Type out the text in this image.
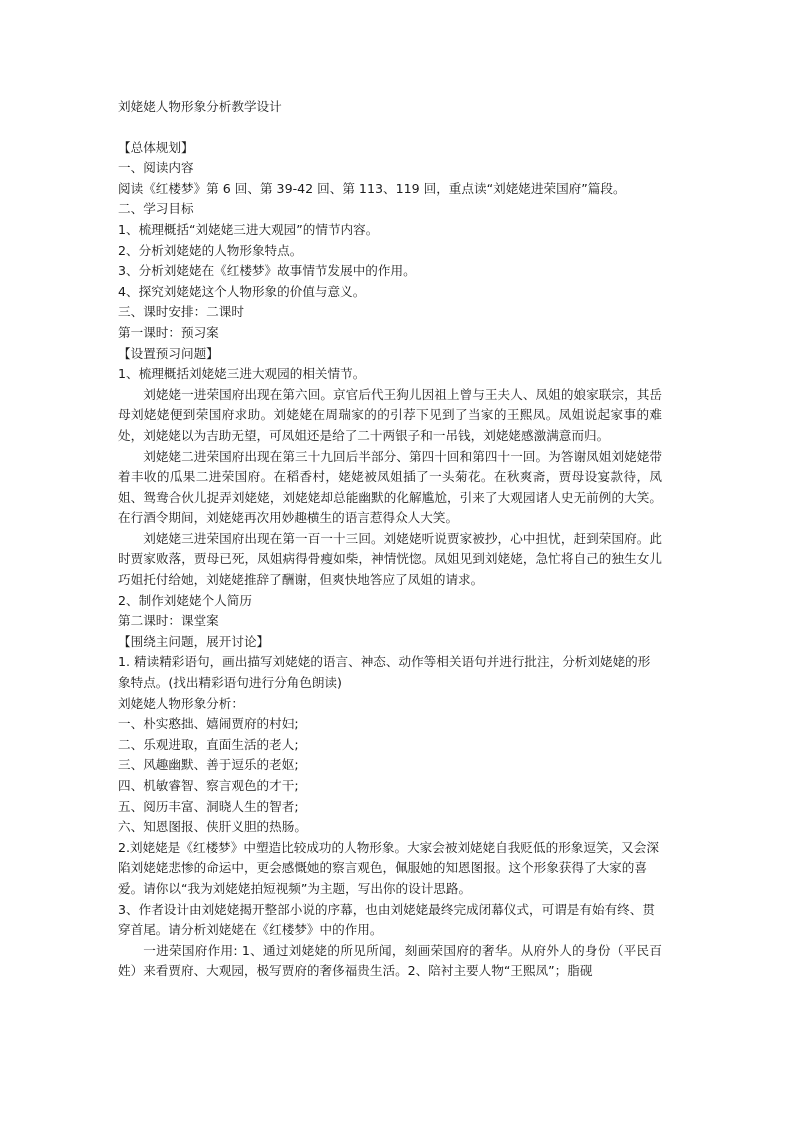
刘姥姥人物形象分析教学设计
【总体规划】
一、阅读内容
阅读《红楼梦》第 6 回、第 39-42 回、第 113、119 回，重点读“刘姥姥进荣国府”篇段。
二、学习目标
1、梳理概括“刘姥姥三进大观园”的情节内容。
2、分析刘姥姥的人物形象特点。
3、分析刘姥姥在《红楼梦》故事情节发展中的作用。
4、探究刘姥姥这个人物形象的价值与意义。
三、课时安排：二课时
第一课时：预习案
【设置预习问题】
1、梳理概括刘姥姥三进大观园的相关情节。
刘姥姥一进荣国府出现在第六回。京官后代王狗儿因祖上曾与王夫人、凤姐的娘家联宗，其岳母刘姥姥便到荣国府求助。刘姥姥在周瑞家的的引荐下见到了当家的王熙凤。凤姐说起家事的难处，刘姥姥以为吉助无望，可凤姐还是给了二十两银子和一吊钱，刘姥姥感激满意而归。
刘姥姥二进荣国府出现在第三十九回后半部分、第四十回和第四十一回。为答谢凤姐刘姥姥带着丰收的瓜果二进荣国府。在稻香村，姥姥被凤姐插了一头菊花。在秋爽斋，贾母设宴款待，凤姐、鸳鸯合伙儿捉弄刘姥姥，刘姥姥却总能幽默的化解尴尬，引来了大观园诸人史无前例的大笑。在行酒令期间，刘姥姥再次用妙趣横生的语言惹得众人大笑。
刘姥姥三进荣国府出现在第一百一十三回。刘姥姥听说贾家被抄，心中担忧，赶到荣国府。此时贾家败落，贾母已死，凤姐病得骨瘦如柴，神情恍惚。凤姐见到刘姥姥，急忙将自己的独生女儿巧姐托付给她，刘姥姥推辞了酬谢，但爽快地答应了凤姐的请求。
2、制作刘姥姥个人简历
第二课时：课堂案
【围绕主问题，展开讨论】
1. 精读精彩语句，画出描写刘姥姥的语言、神态、动作等相关语句并进行批注，分析刘姥姥的形象特点。(找出精彩语句进行分角色朗读)
刘姥姥人物形象分析：
一、朴实憨拙、嬉闹贾府的村妇;
二、乐观进取，直面生活的老人;
三、风趣幽默、善于逗乐的老妪;
四、机敏睿智、察言观色的才干;
五、阅历丰富、洞晓人生的智者;
六、知恩图报、侠肝义胆的热肠。
2.刘姥姥是《红楼梦》中塑造比较成功的人物形象。大家会被刘姥姥自我贬低的形象逗笑，又会深陷刘姥姥悲惨的命运中，更会感慨她的察言观色，佩服她的知恩图报。这个形象获得了大家的喜爱。请你以“我为刘姥姥拍短视频”为主题，写出你的设计思路。
3、作者设计由刘姥姥揭开整部小说的序幕，也由刘姥姥最终完成闭幕仪式，可谓是有始有终、贯穿首尾。请分析刘姥姥在《红楼梦》中的作用。
一进荣国府作用: 1、通过刘姥姥的所见所闻，刻画荣国府的奢华。从府外人的身份（平民百姓）来看贾府、大观园，极写贾府的奢侈福贵生活。2、陪衬主要人物“王熙凤”；脂砚
